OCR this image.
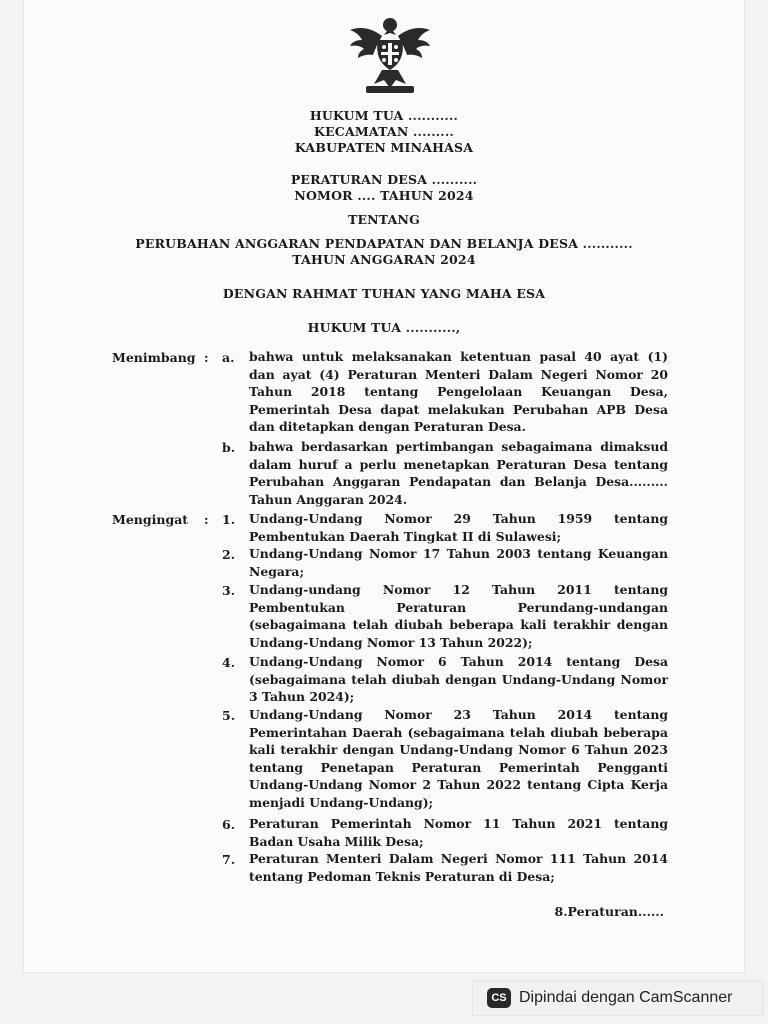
HUKUM TUA ...........
KECAMATAN .........
KABUPATEN MINAHASA
PERATURAN DESA ..........
NOMOR .... TAHUN 2024
TENTANG
PERUBAHAN ANGGARAN PENDAPATAN DAN BELANJA DESA ...........
TAHUN ANGGARAN 2024
DENGAN RAHMAT TUHAN YANG MAHA ESA
HUKUM TUA ...........,
Menimbang : a.	bahwa untuk melaksanakan ketentuan pasal 40 ayat (1) dan ayat (4) Peraturan Menteri Dalam Negeri Nomor 20 Tahun 2018 tentang Pengelolaan Keuangan Desa, Pemerintah Desa dapat melakukan Perubahan APB Desa dan ditetapkan dengan Peraturan Desa.
b.	bahwa berdasarkan pertimbangan sebagaimana dimaksud dalam huruf a perlu menetapkan Peraturan Desa tentang Perubahan Anggaran Pendapatan dan Belanja Desa......... Tahun Anggaran 2024.
Mengingat : 1.	Undang-Undang Nomor 29 Tahun 1959 tentang Pembentukan Daerah Tingkat II di Sulawesi;
2.	Undang-Undang Nomor 17 Tahun 2003 tentang Keuangan Negara;
3.	Undang-undang Nomor 12 Tahun 2011 tentang Pembentukan Peraturan Perundang-undangan (sebagaimana telah diubah beberapa kali terakhir dengan Undang-Undang Nomor 13 Tahun 2022);
4.	Undang-Undang Nomor 6 Tahun 2014 tentang Desa (sebagaimana telah diubah dengan Undang-Undang Nomor 3 Tahun 2024);
5.	Undang-Undang Nomor 23 Tahun 2014 tentang Pemerintahan Daerah (sebagaimana telah diubah beberapa kali terakhir dengan Undang-Undang Nomor 6 Tahun 2023 tentang Penetapan Peraturan Pemerintah Pengganti Undang-Undang Nomor 2 Tahun 2022 tentang Cipta Kerja menjadi Undang-Undang);
6.	Peraturan Pemerintah Nomor 11 Tahun 2021 tentang Badan Usaha Milik Desa;
7.	Peraturan Menteri Dalam Negeri Nomor 111 Tahun 2014 tentang Pedoman Teknis Peraturan di Desa;
8.Peraturan......
CS Dipindai dengan CamScanner
